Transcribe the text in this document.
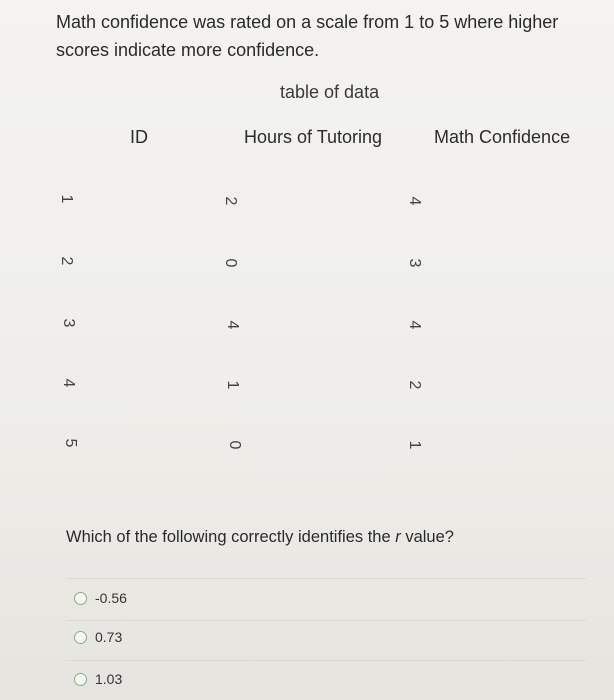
Math confidence was rated on a scale from 1 to 5 where higher scores indicate more confidence.
table of data
ID	Hours of Tutoring	Math Confidence
1	2	4
2	0	3
3	4	4
4	1	2
5	0	1
Which of the following correctly identifies the r value?
-0.56
0.73
1.03
